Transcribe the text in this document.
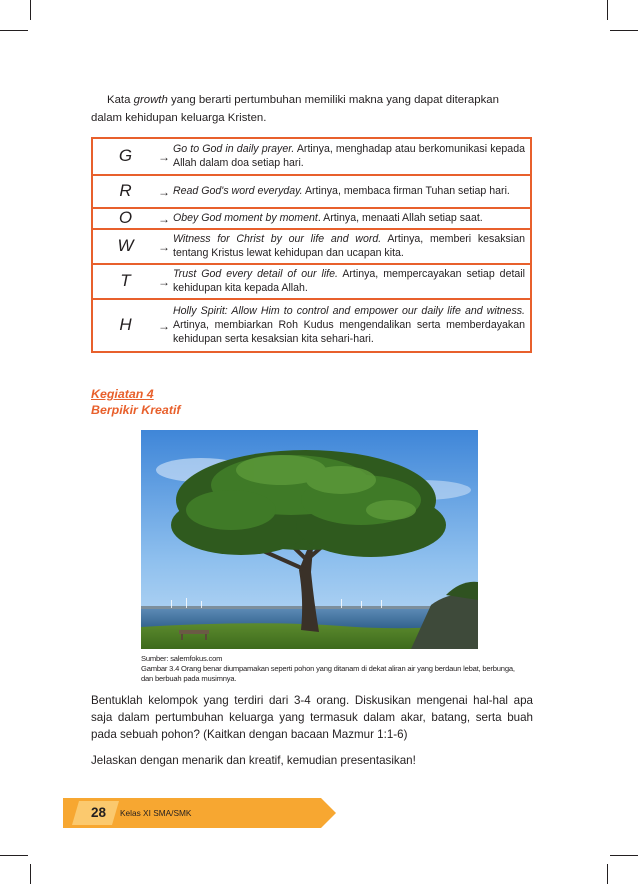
Kata growth yang berarti pertumbuhan memiliki makna yang dapat diterapkan dalam kehidupan keluarga Kristen.

G	→	Go to God in daily prayer. Artinya, menghadap atau berkomunikasi kepada Allah dalam doa setiap hari.
R	→	Read God's word everyday. Artinya, membaca firman Tuhan setiap hari.
O	→	Obey God moment by moment. Artinya, menaati Allah setiap saat.
W	→	Witness for Christ by our life and word. Artinya, memberi kesaksian tentang Kristus lewat kehidupan dan ucapan kita.
T	→	Trust God every detail of our life. Artinya, mempercayakan setiap detail kehidupan kita kepada Allah.
H	→	Holly Spirit: Allow Him to control and empower our daily life and witness. Artinya, membiarkan Roh Kudus mengendalikan serta memberdayakan kehidupan serta kesaksian kita sehari-hari.
Kegiatan 4
Berpikir Kreatif
Sumber: salemfokus.com
Gambar 3.4 Orang benar diumpamakan seperti pohon yang ditanam di dekat aliran air yang berdaun lebat, berbunga, dan berbuah pada musimnya.

Bentuklah kelompok yang terdiri dari 3-4 orang. Diskusikan mengenai hal-hal apa saja dalam pertumbuhan keluarga yang termasuk dalam akar, batang, serta buah pada sebuah pohon? (Kaitkan dengan bacaan Mazmur 1:1-6)

Jelaskan dengan menarik dan kreatif, kemudian presentasikan!

28 Kelas XI SMA/SMK
